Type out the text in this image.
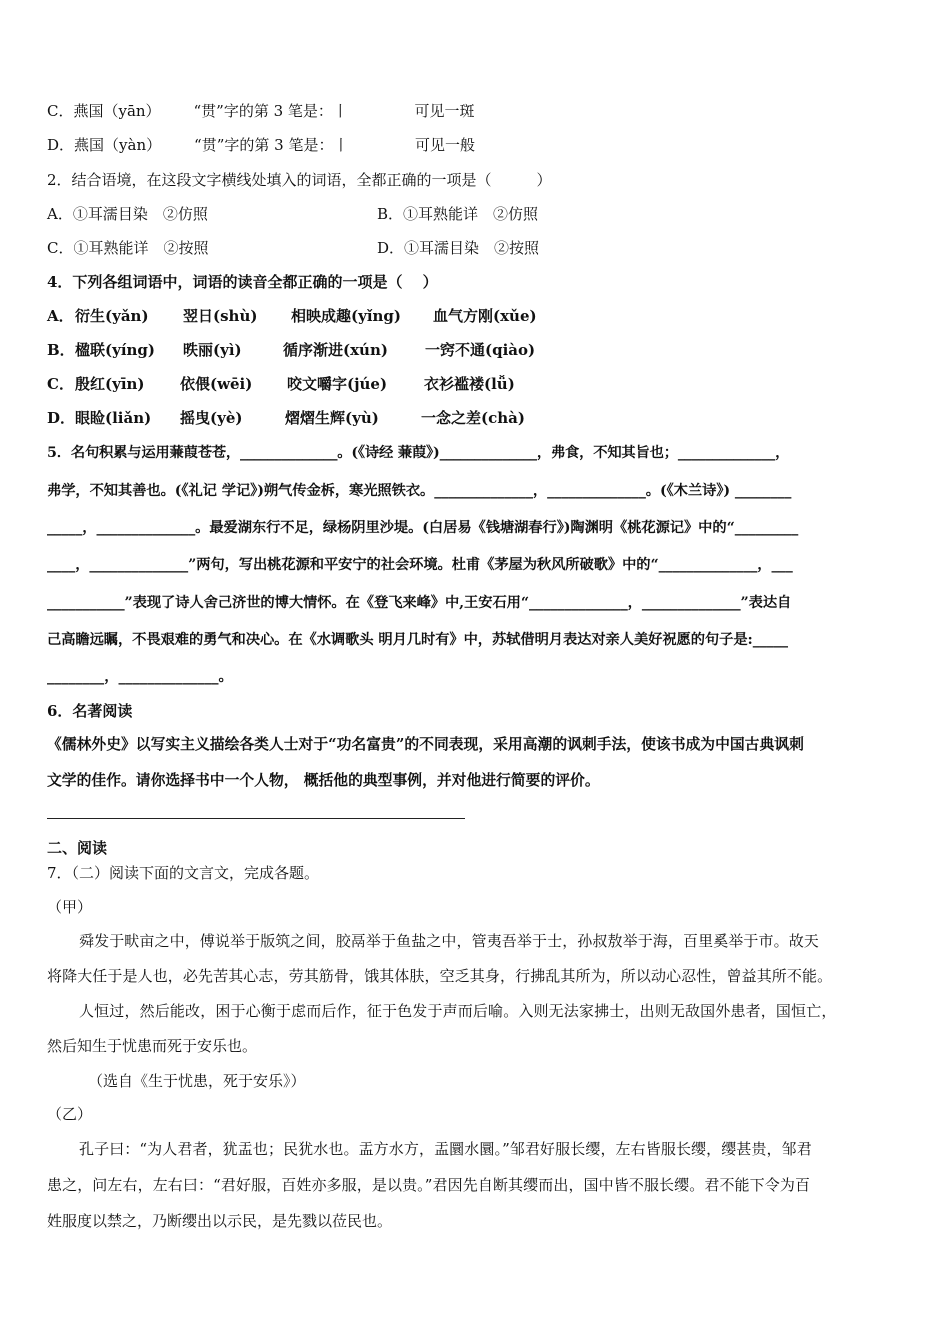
C．燕国（yān） “贯”字的第 3 笔是：丨	可见一斑
D．燕国（yàn） “贯”字的第 3 笔是：丨	可见一般
2．结合语境，在这段文字横线处填入的词语，全都正确的一项是（　　　）
A．①耳濡目染　②仿照	B．①耳熟能详　②仿照
C．①耳熟能详　②按照	D．①耳濡目染　②按照
4．下列各组词语中，词语的读音全都正确的一项是（　 ）
A．衍生(yǎn) 翌日(shù) 相映成趣(yǐng) 血气方刚(xǔe)
B．楹联(yíng) 昳丽(yì)	循序渐进(xún) 一窍不通(qiào)
C．殷红(yīn) 依偎(wēi) 咬文嚼字(júe) 衣衫褴褛(lǚ)
D．眼睑(liǎn) 摇曳(yè)	熠熠生辉(yù)	一念之差(chà)
5．名句积累与运用蒹葭苍苍，______________。(《诗经 蒹葭》)______________，弗食，不知其旨也；______________，
弗学，不知其善也。(《礼记 学记》)朔气传金柝，寒光照铁衣。______________，______________。(《木兰诗》) ________
_____，______________。最爱湖东行不足，绿杨阴里沙堤。(白居易《钱塘湖春行》)陶渊明《桃花源记》中的“_________
____，______________”两句，写出桃花源和平安宁的社会环境。杜甫《茅屋为秋风所破歌》中的“______________，___
___________”表现了诗人舍己济世的博大情怀。在《登飞来峰》中,王安石用“______________，______________”表达自
己高瞻远瞩，不畏艰难的勇气和决心。在《水调歌头 明月几时有》中，苏轼借明月表达对亲人美好祝愿的句子是:_____
________，______________。
6．名著阅读
《儒林外史》以写实主义描绘各类人士对于“功名富贵”的不同表现，采用高潮的讽刺手法，使该书成为中国古典讽刺
文学的佳作。请你选择书中一个人物， 概括他的典型事例，并对他进行简要的评价。
二、阅读
7．（二）阅读下面的文言文，完成各题。
（甲）
舜发于畎亩之中，傅说举于版筑之间，胶鬲举于鱼盐之中，管夷吾举于士，孙叔敖举于海，百里奚举于市。故天
将降大任于是人也，必先苦其心志，劳其筋骨，饿其体肤，空乏其身，行拂乱其所为，所以动心忍性，曾益其所不能。
人恒过，然后能改，困于心衡于虑而后作，征于色发于声而后喻。入则无法家拂士，出则无敌国外患者，国恒亡，
然后知生于忧患而死于安乐也。
（选自《生于忧患，死于安乐》）
（乙）
孔子曰：“为人君者，犹盂也；民犹水也。盂方水方，盂圜水圜。”邹君好服长缨，左右皆服长缨，缨甚贵，邹君
患之，问左右，左右曰：“君好服，百姓亦多服，是以贵。”君因先自断其缨而出，国中皆不服长缨。君不能下令为百
姓服度以禁之，乃断缨出以示民，是先戮以莅民也。
